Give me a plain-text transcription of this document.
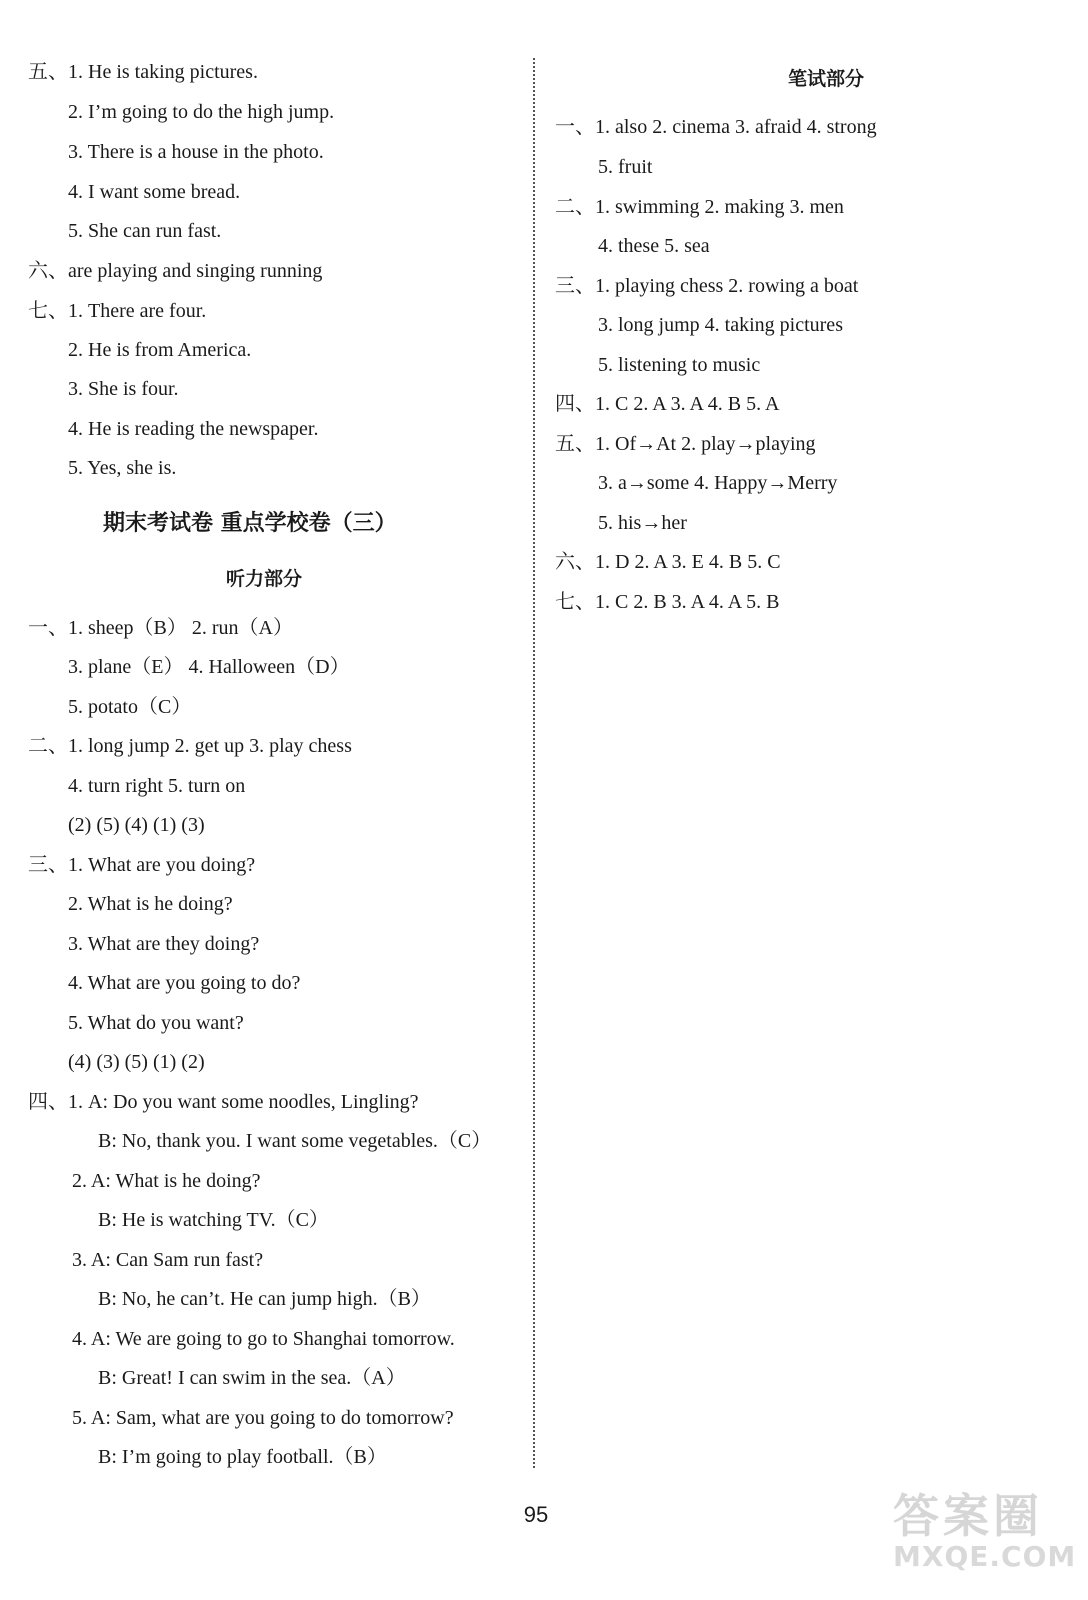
五、1. He is taking pictures.
2. I’m going to do the high jump.
3. There is a house in the photo.
4. I want some bread.
5. She can run fast.
六、are playing and singing running
七、1. There are four.
2. He is from America.
3. She is four.
4. He is reading the newspaper.
5. Yes, she is.
一、1. sheep（B） 2. run（A）
3. plane（E） 4. Halloween（D）
5. potato（C）
二、1. long jump 2. get up 3. play chess
4. turn right 5. turn on
(2) (5) (4) (1) (3)
三、1. What are you doing?
2. What is he doing?
3. What are they doing?
4. What are you going to do?
5. What do you want?
(4) (3) (5) (1) (2)
四、1. A: Do you want some noodles, Lingling?
B: No, thank you. I want some vegetables.（C）
2. A: What is he doing?
B: He is watching TV.（C）
3. A: Can Sam run fast?
B: No, he can’t. He can jump high.（B）
4. A: We are going to go to Shanghai tomorrow.
B: Great! I can swim in the sea.（A）
5. A: Sam, what are you going to do tomorrow?
B: I’m going to play football.（B）
期末考试卷 重点学校卷（三）
听力部分
一、1. also 2. cinema 3. afraid 4. strong
5. fruit
二、1. swimming 2. making 3. men
4. these 5. sea
三、1. playing chess 2. rowing a boat
3. long jump 4. taking pictures
5. listening to music
四、1. C 2. A 3. A 4. B 5. A
五、1. Of→At 2. play→playing
3. a→some 4. Happy→Merry
5. his→her
六、1. D 2. A 3. E 4. B 5. C
七、1. C 2. B 3. A 4. A 5. B
笔试部分
95	答案圈
MXQE.COM
